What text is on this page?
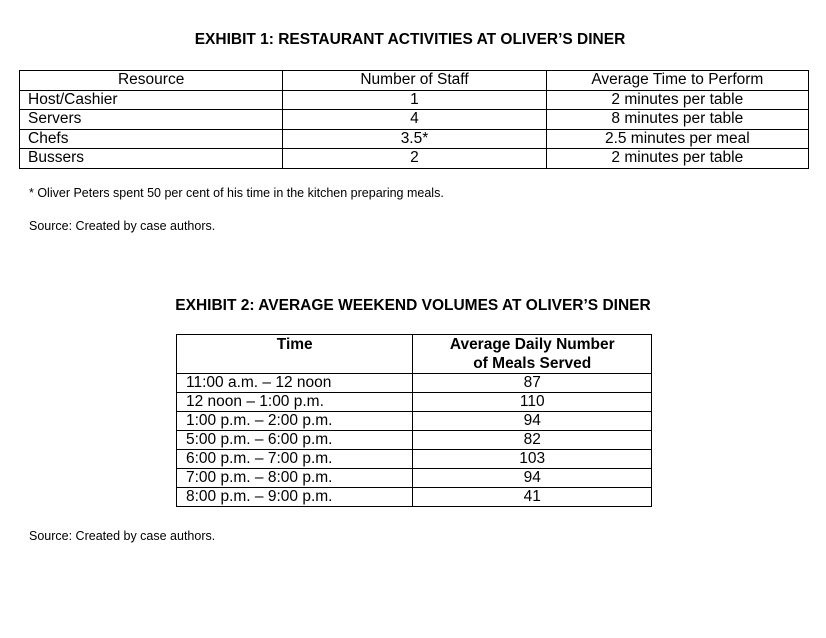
EXHIBIT 1: RESTAURANT ACTIVITIES AT OLIVER’S DINER
Resource	Number of Staff	Average Time to Perform
Host/Cashier	1	2 minutes per table
Servers	4	8 minutes per table
Chefs	3.5*	2.5 minutes per meal
Bussers	2	2 minutes per table
* Oliver Peters spent 50 per cent of his time in the kitchen preparing meals.
Source: Created by case authors.
EXHIBIT 2: AVERAGE WEEKEND VOLUMES AT OLIVER’S DINER
Time	Average Daily Number
of Meals Served

11:00 a.m. – 12 noon	87
12 noon – 1:00 p.m.	110
1:00 p.m. – 2:00 p.m.	94
5:00 p.m. – 6:00 p.m.	82
6:00 p.m. – 7:00 p.m.	103
7:00 p.m. – 8:00 p.m.	94
8:00 p.m. – 9:00 p.m.	41
Source: Created by case authors.
